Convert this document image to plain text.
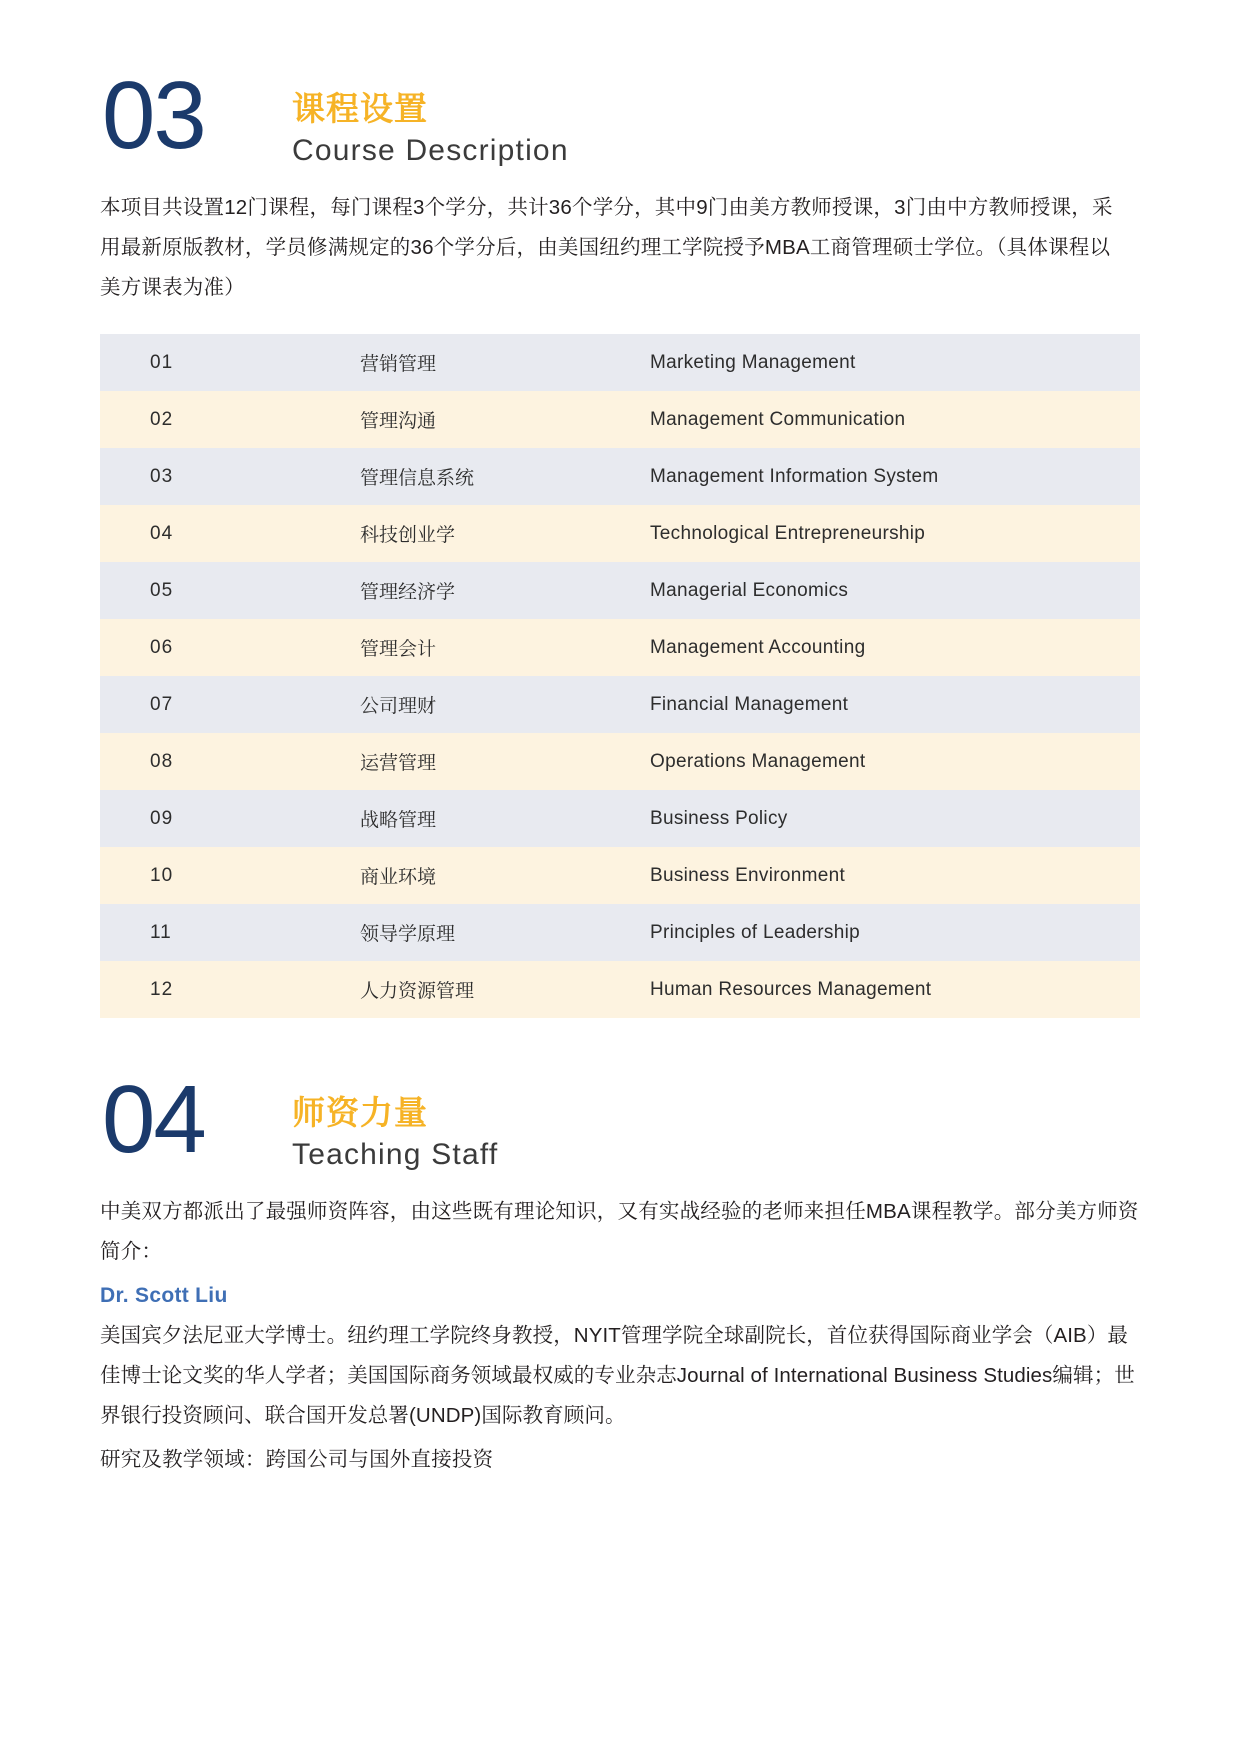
03	课程设置
Course Description

本项目共设置12门课程，每门课程3个学分，共计36个学分，其中9门由美方教师授课，3门由中方教师授课，采用最新原版教材，学员修满规定的36个学分后，由美国纽约理工学院授予MBA工商管理硕士学位。（具体课程以美方课表为准）

01	营销管理	Marketing Management
02	管理沟通	Management Communication
03	管理信息系统	Management Information System
04	科技创业学	Technological Entrepreneurship
05	管理经济学	Managerial Economics
06	管理会计	Management Accounting
07	公司理财	Financial Management
08	运营管理	Operations Management
09	战略管理	Business Policy
10	商业环境	Business Environment
11	领导学原理	Principles of Leadership
12	人力资源管理	Human Resources Management
04	师资力量
Teaching Staff

中美双方都派出了最强师资阵容，由这些既有理论知识，又有实战经验的老师来担任MBA课程教学。部分美方师资简介：

Dr. Scott Liu

美国宾夕法尼亚大学博士。纽约理工学院终身教授，NYIT管理学院全球副院长，首位获得国际商业学会（AIB）最佳博士论文奖的华人学者；美国国际商务领域最权威的专业杂志Journal of International Business Studies编辑；世界银行投资顾问、联合国开发总署(UNDP)国际教育顾问。

研究及教学领域：跨国公司与国外直接投资
